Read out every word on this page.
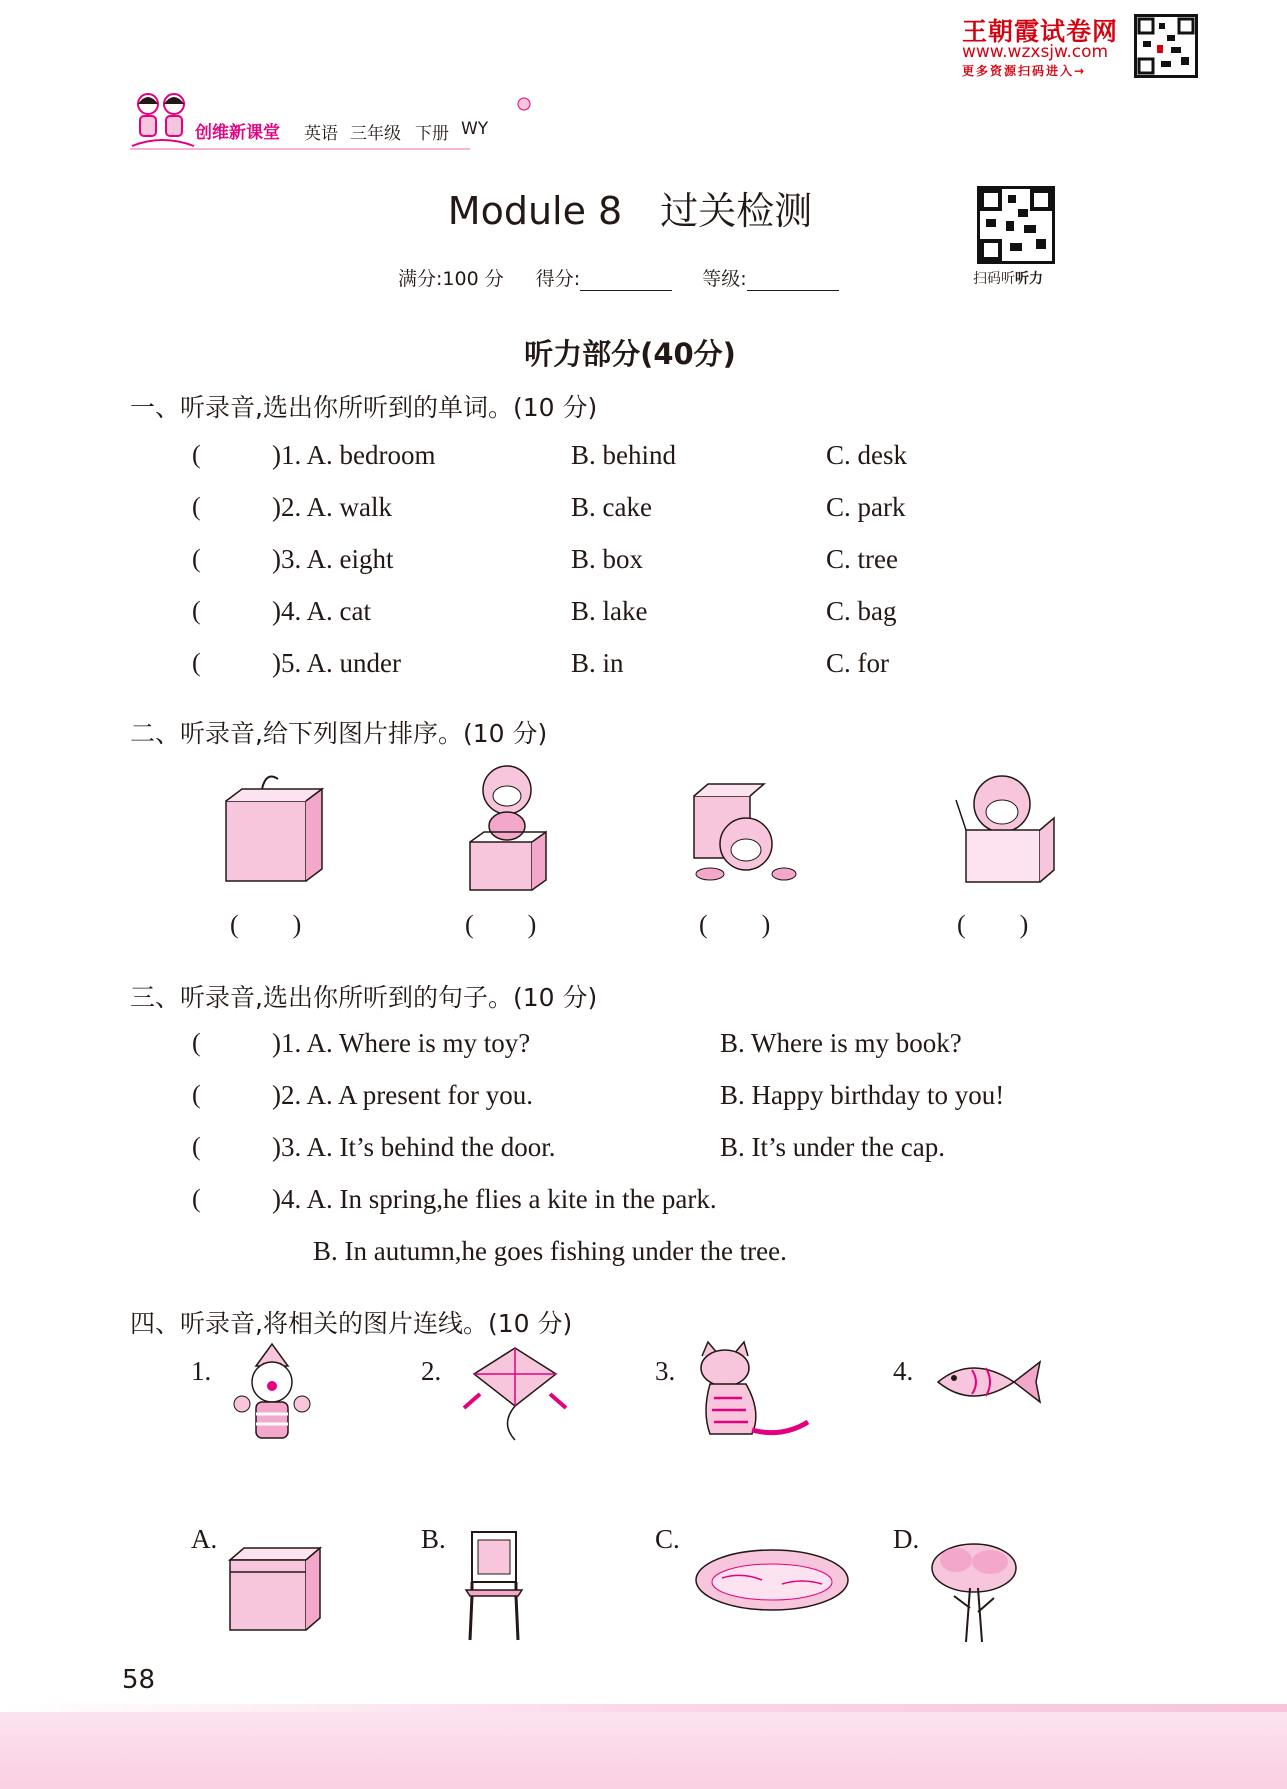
创维新课堂 英语 三年级 下册 WY
王朝霞试卷网
www.wzxsjw.com
更多资源扫码进入→
Module 8　过关检测
满分:100 分 得分:	等级:	扫码听听力
听力部分(40分)
一、听录音,选出你所听到的单词。(10 分)
(	)1. A. bedroom	B. behind	C. desk
(	)2. A. walk	B. cake	C. park
(	)3. A. eight	B. box	C. tree
(	)4. A. cat	B. lake	C. bag
(	)5. A. under	B. in	C. for
二、听录音,给下列图片排序。(10 分)
( )	( )	( )	( )
三、听录音,选出你所听到的句子。(10 分)
(	)1. A. Where is my toy?	B. Where is my book?
(	)2. A. A present for you.	B. Happy birthday to you!
(	)3. A. It’s behind the door.	B. It’s under the cap.
(	)4. A. In spring,he flies a kite in the park.
B. In autumn,he goes fishing under the tree.
四、听录音,将相关的图片连线。(10 分)
1.	2.	3.	4.
A.	B.	C.	D.
58
